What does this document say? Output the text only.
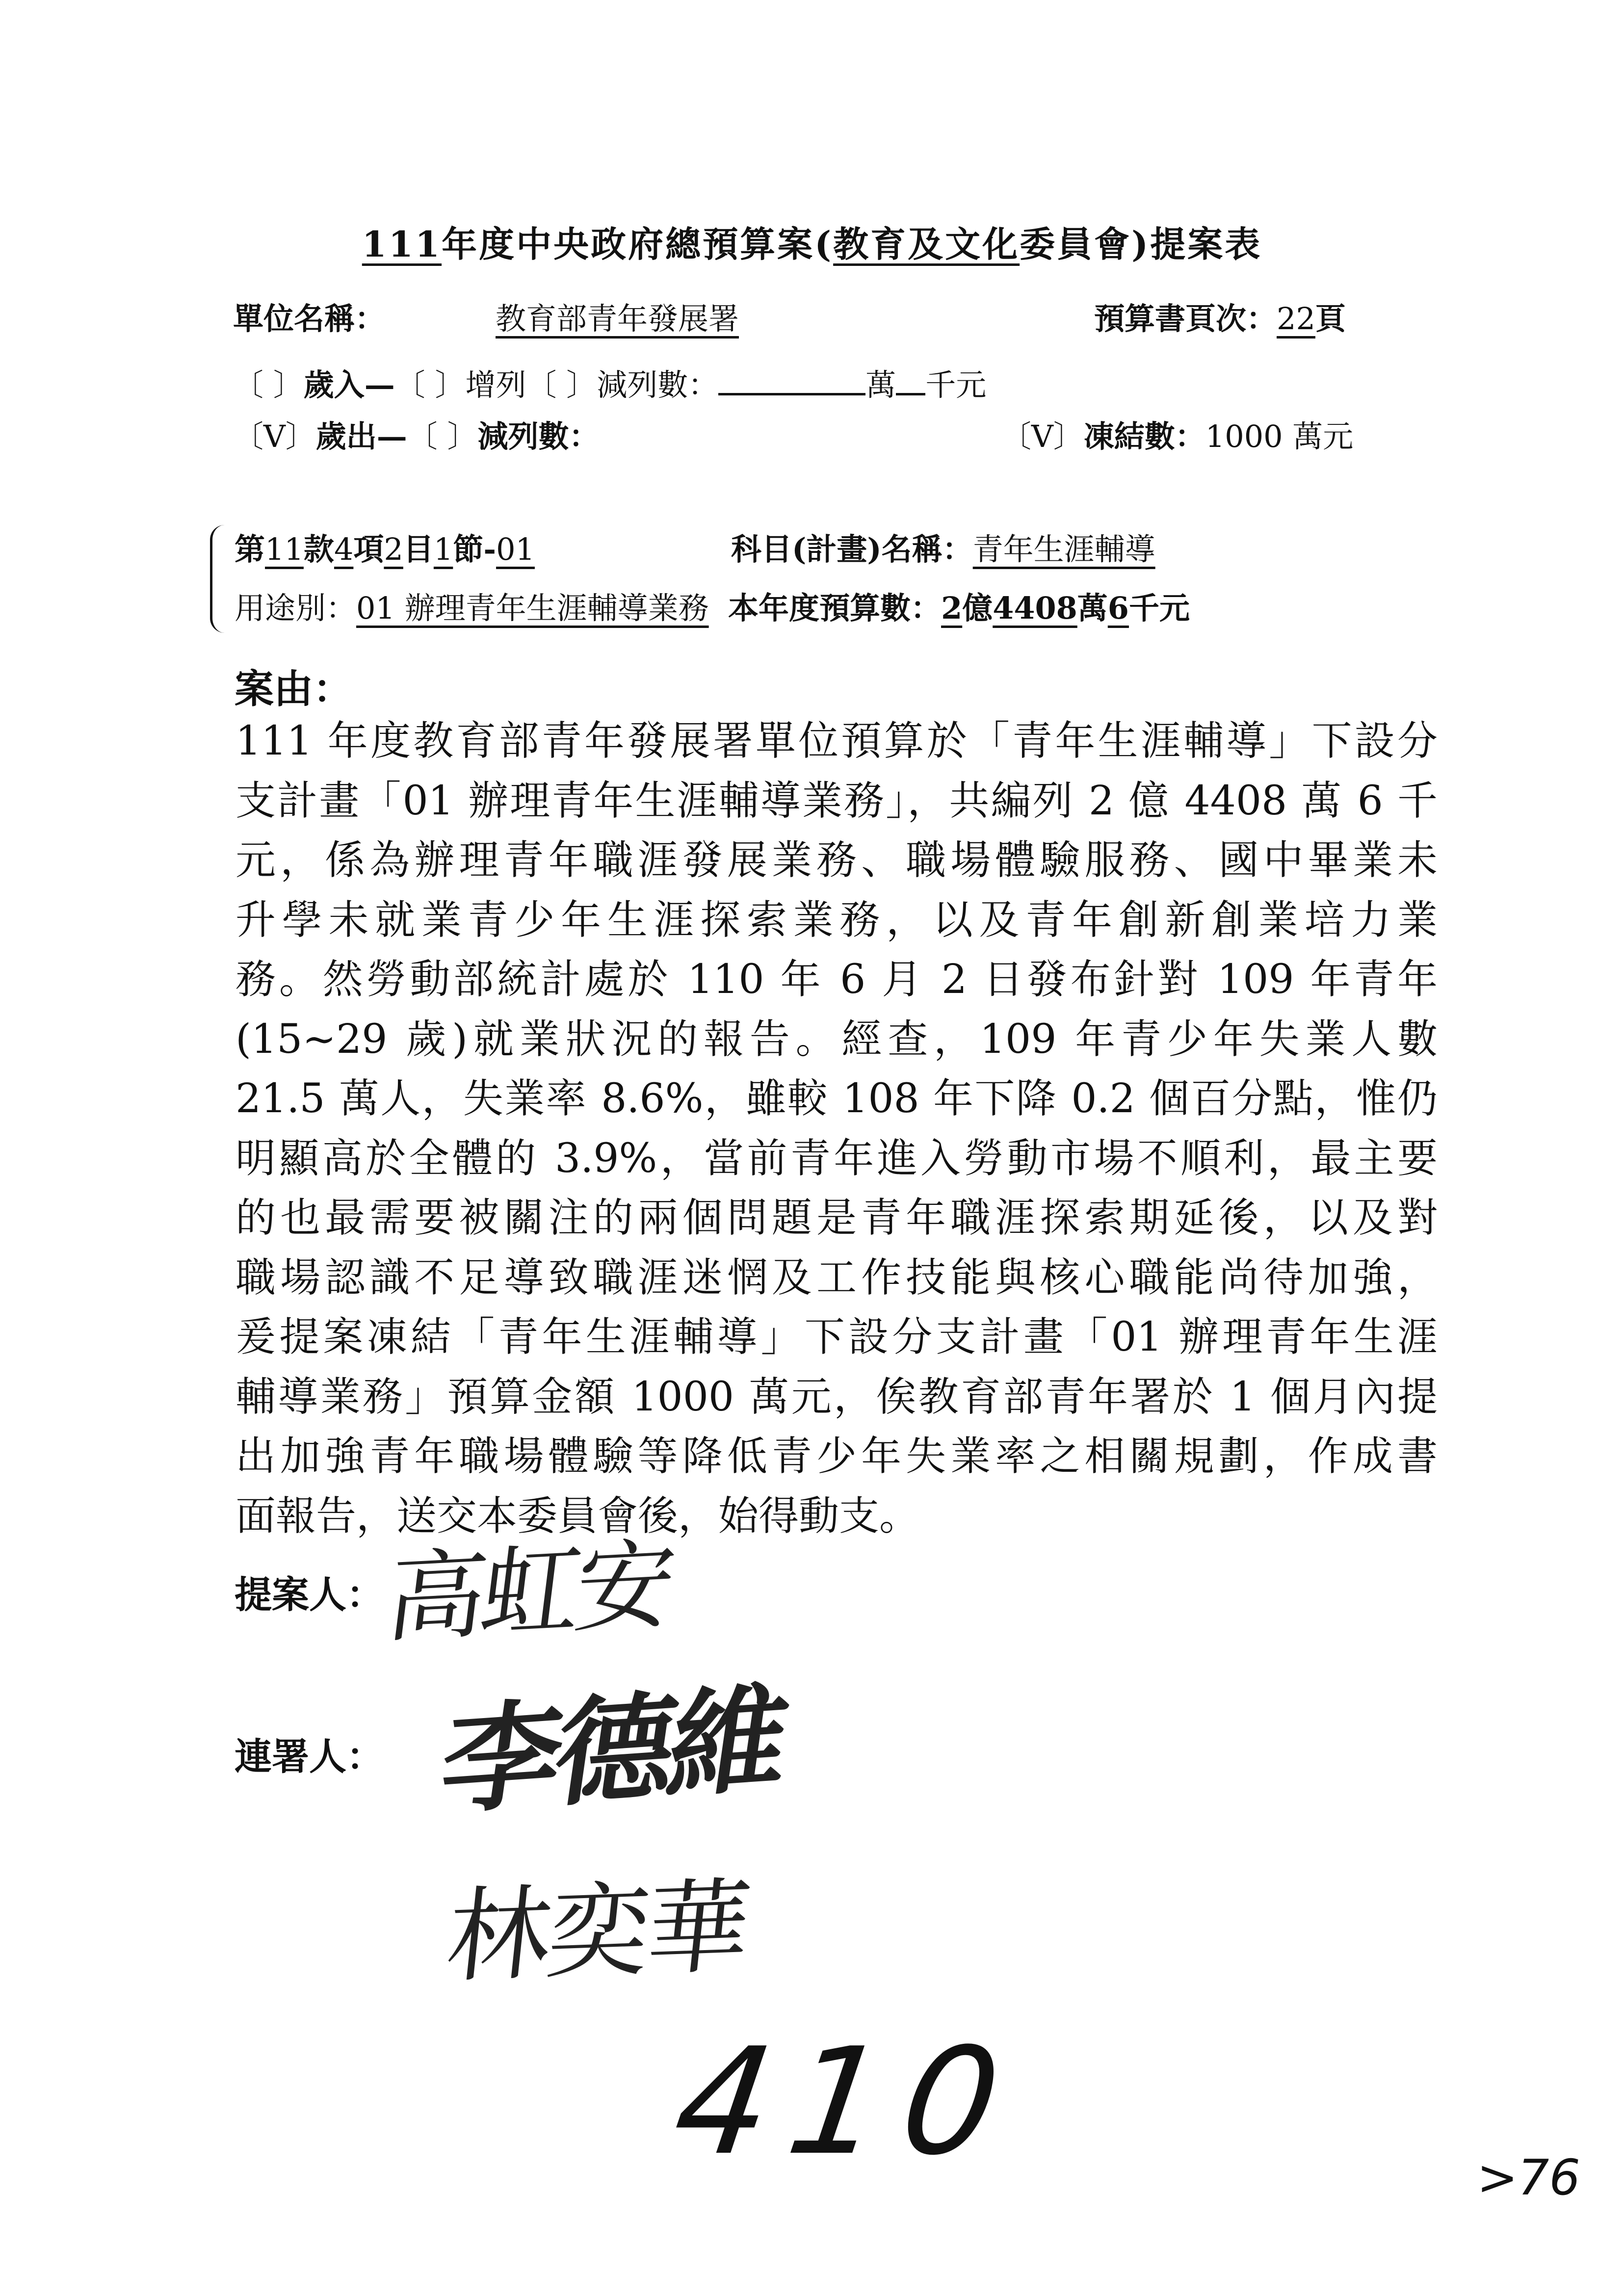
111年度中央政府總預算案(教育及文化委員會)提案表
單位名稱：	教育部青年發展署	預算書頁次：22頁
〔 〕歲入—〔 〕增列〔 〕減列數：	萬 千元
〔V〕歲出—〔 〕減列數：	〔V〕凍結數：1000 萬元
第11款4項2目1節-01	科目(計畫)名稱：青年生涯輔導
用途別：01 辦理青年生涯輔導業務 本年度預算數：2億4408萬6千元
案由：
111 年度教育部青年發展署單位預算於「青年生涯輔導」下設分
支計畫「01 辦理青年生涯輔導業務」，共編列 2 億 4408 萬 6 千
元，係為辦理青年職涯發展業務、職場體驗服務、國中畢業未
升學未就業青少年生涯探索業務，以及青年創新創業培力業
務。然勞動部統計處於 110 年 6 月 2 日發布針對 109 年青年
(15~29 歲)就業狀況的報告。經查，109 年青少年失業人數
21.5 萬人，失業率 8.6%，雖較 108 年下降 0.2 個百分點，惟仍
明顯高於全體的 3.9%，當前青年進入勞動市場不順利，最主要
的也最需要被關注的兩個問題是青年職涯探索期延後，以及對
職場認識不足導致職涯迷惘及工作技能與核心職能尚待加強，
爰提案凍結「青年生涯輔導」下設分支計畫「01 辦理青年生涯
輔導業務」預算金額 1000 萬元，俟教育部青年署於 1 個月內提
出加強青年職場體驗等降低青少年失業率之相關規劃，作成書
面報告，送交本委員會後，始得動支。
提案人：
高虹安
連署人： 李德維
林奕華
410	>76
